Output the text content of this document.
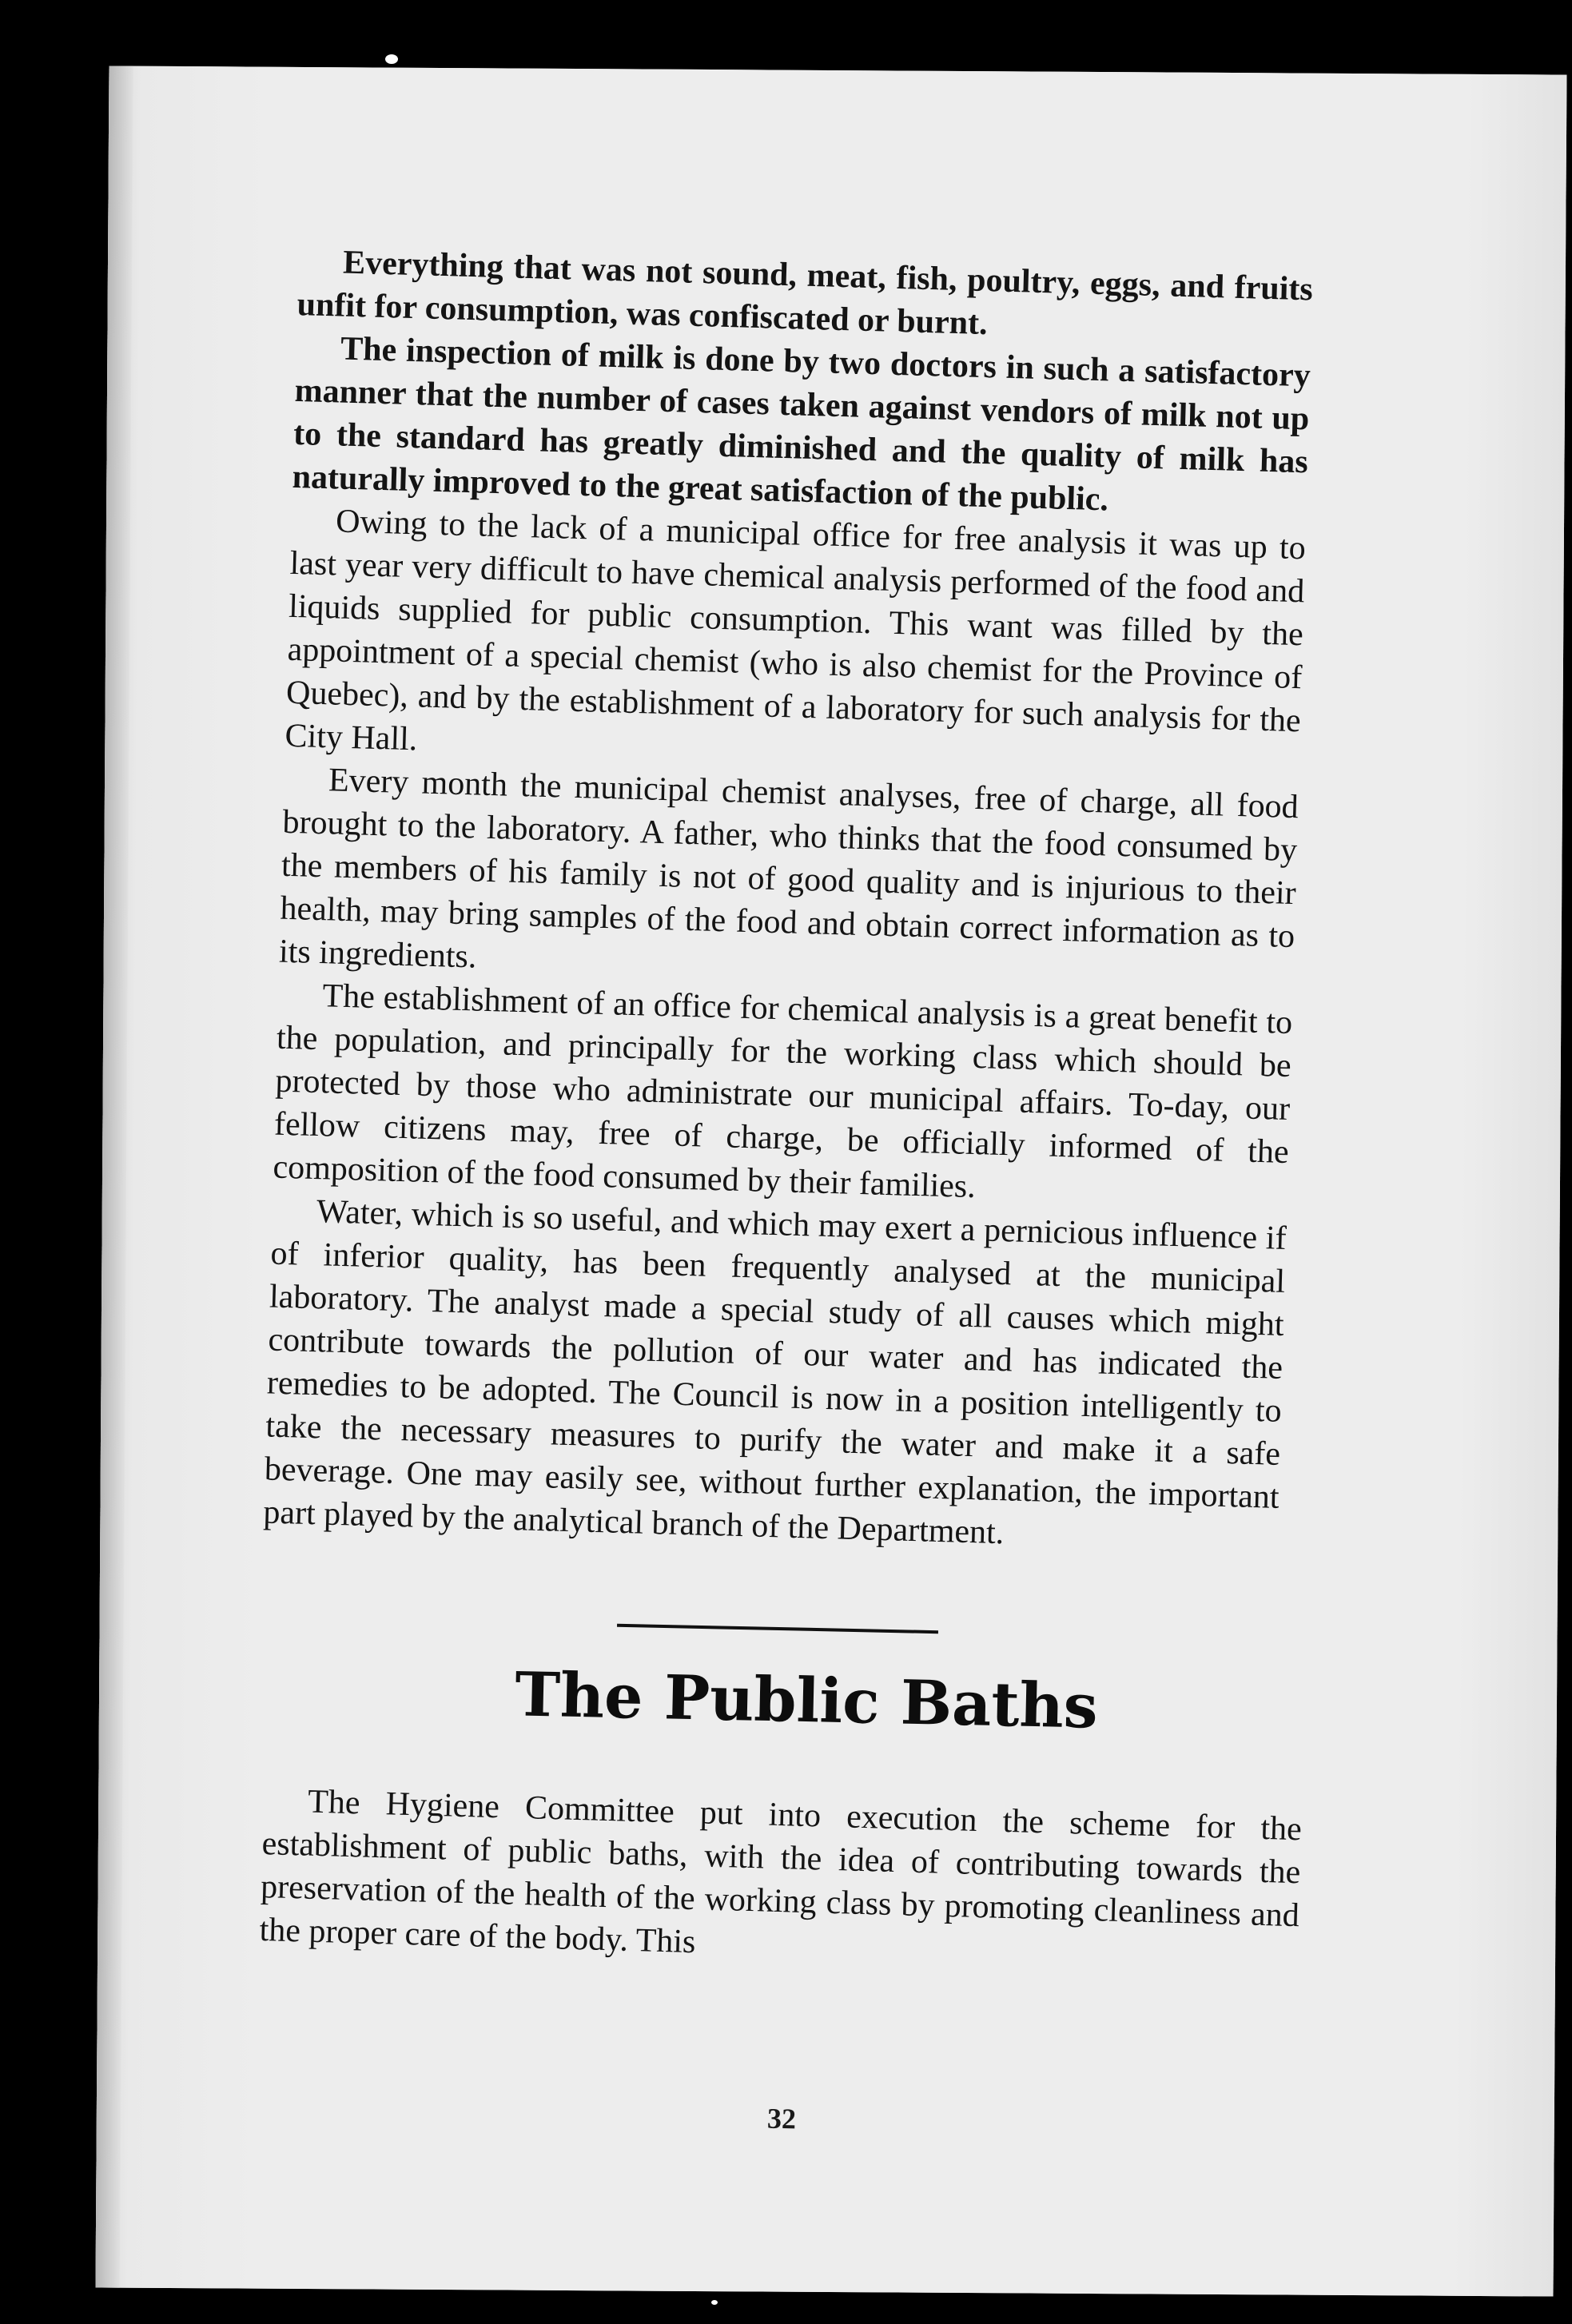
Everything that was not sound, meat, fish, poultry, eggs, and fruits unfit for consumption, was confiscated or burnt.

The inspection of milk is done by two doctors in such a satisfactory manner that the number of cases taken against vendors of milk not up to the standard has greatly diminished and the quality of milk has naturally improved to the great satisfaction of the public.

Owing to the lack of a municipal office for free analysis it was up to last year very difficult to have chemical analysis performed of the food and liquids supplied for public consumption. This want was filled by the appointment of a special chemist (who is also chemist for the Province of Quebec), and by the establishment of a laboratory for such analysis for the City Hall.

Every month the municipal chemist analyses, free of charge, all food brought to the laboratory. A father, who thinks that the food consumed by the members of his family is not of good quality and is injurious to their health, may bring samples of the food and obtain correct information as to its ingredients.

The establishment of an office for chemical analysis is a great benefit to the population, and principally for the working class which should be protected by those who administrate our municipal affairs. To-day, our fellow citizens may, free of charge, be officially informed of the composition of the food consumed by their families.

Water, which is so useful, and which may exert a pernicious influence if of inferior quality, has been frequently analysed at the municipal laboratory. The analyst made a special study of all causes which might contribute towards the pollution of our water and has indicated the remedies to be adopted. The Council is now in a position intelligently to take the necessary measures to purify the water and make it a safe beverage. One may easily see, without further explanation, the important part played by the analytical branch of the Department.

The Public Baths

The Hygiene Committee put into execution the scheme for the establishment of public baths, with the idea of contributing towards the preservation of the health of the working class by promoting cleanliness and the proper care of the body. This

32
